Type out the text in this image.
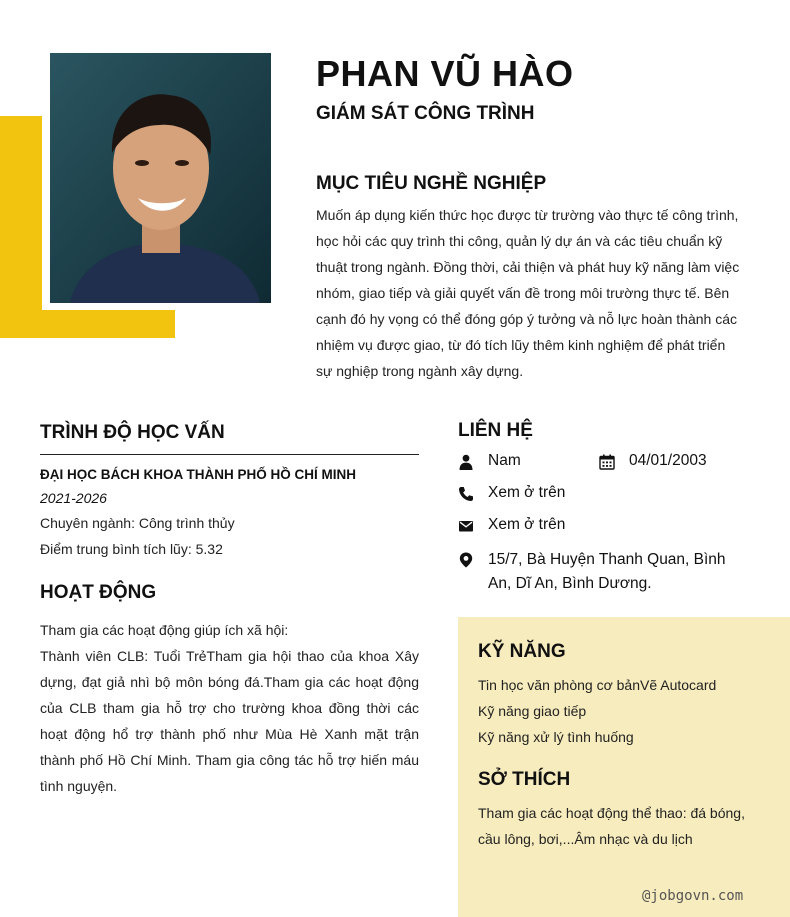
PHAN VŨ HÀO
GIÁM SÁT CÔNG TRÌNH
MỤC TIÊU NGHỀ NGHIỆP
Muốn áp dụng kiến thức học được từ trường vào thực tế công trình, học hỏi các quy trình thi công, quản lý dự án và các tiêu chuẩn kỹ thuật trong ngành. Đồng thời, cải thiện và phát huy kỹ năng làm việc nhóm, giao tiếp và giải quyết vấn đề trong môi trường thực tế. Bên cạnh đó hy vọng có thể đóng góp ý tưởng và nỗ lực hoàn thành các nhiệm vụ được giao, từ đó tích lũy thêm kinh nghiệm để phát triển sự nghiệp trong ngành xây dựng.
TRÌNH ĐỘ HỌC VẤN
ĐẠI HỌC BÁCH KHOA THÀNH PHỐ HỒ CHÍ MINH
2021-2026
Chuyên ngành: Công trình thủy
Điểm trung bình tích lũy: 5.32
HOẠT ĐỘNG

Tham gia các hoạt động giúp ích xã hội:

Thành viên CLB: Tuổi TrẻTham gia hội thao của khoa Xây dựng, đạt giả nhì bộ môn bóng đá.Tham gia các hoạt động của CLB tham gia hỗ trợ cho trường khoa đồng thời các hoạt động hổ trợ thành phố như Mùa Hè Xanh mặt trận thành phố Hồ Chí Minh. Tham gia công tác hỗ trợ hiến máu tình nguyện.

LIÊN HỆ
Nam	04/01/2003
Xem ở trên
Xem ở trên
15/7, Bà Huyện Thanh Quan, Bình An, Dĩ An, Bình Dương.
KỸ NĂNG
Tin học văn phòng cơ bảnVẽ Autocard
Kỹ năng giao tiếp
Kỹ năng xử lý tình huống
SỞ THÍCH
Tham gia các hoạt động thể thao: đá bóng, cầu lông, bơi,...Âm nhạc và du lịch
@jobgovn.com
